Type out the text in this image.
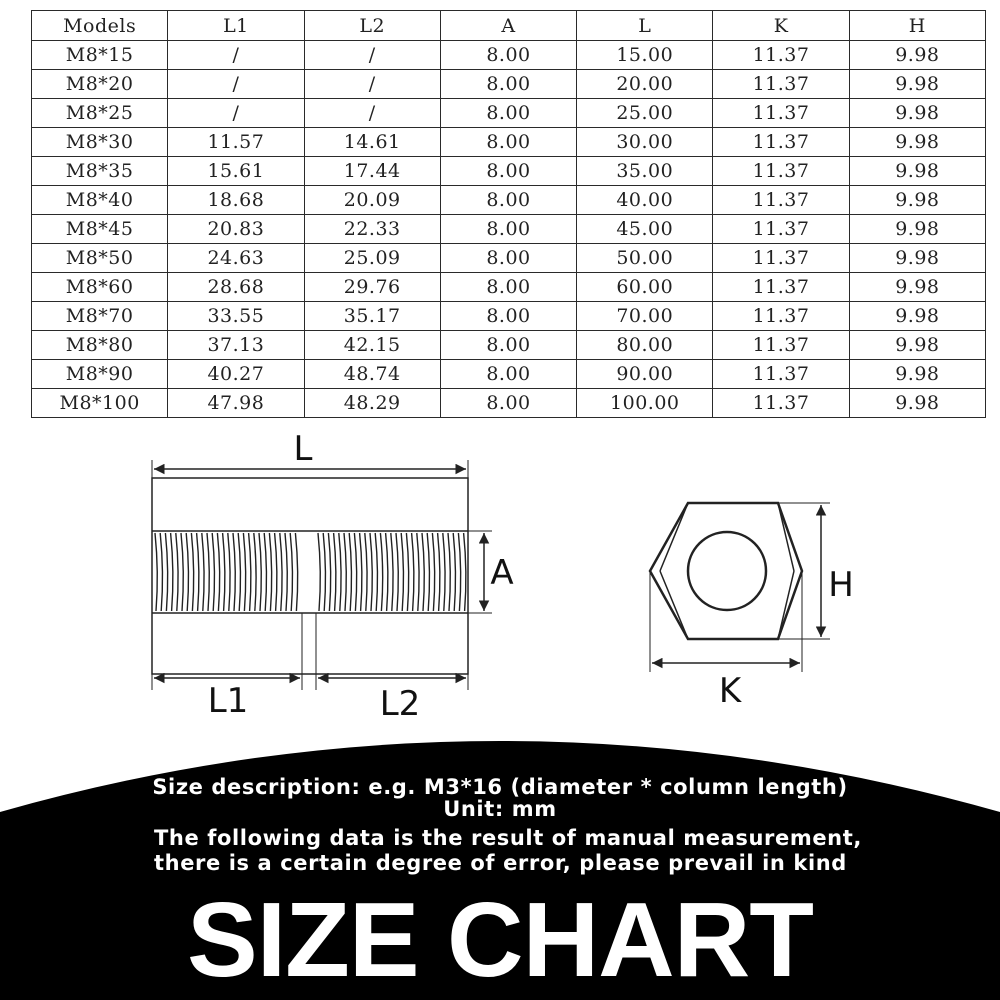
Models	L1	L2	A	L	K	H
M8*15	/	/	8.00	15.00	11.37	9.98
M8*20	/	/	8.00	20.00	11.37	9.98
M8*25	/	/	8.00	25.00	11.37	9.98
M8*30	11.57	14.61	8.00	30.00	11.37	9.98
M8*35	15.61	17.44	8.00	35.00	11.37	9.98
M8*40	18.68	20.09	8.00	40.00	11.37	9.98
M8*45	20.83	22.33	8.00	45.00	11.37	9.98
M8*50	24.63	25.09	8.00	50.00	11.37	9.98
M8*60	28.68	29.76	8.00	60.00	11.37	9.98
M8*70	33.55	35.17	8.00	70.00	11.37	9.98
M8*80	37.13	42.15	8.00	80.00	11.37	9.98
M8*90	40.27	48.74	8.00	90.00	11.37	9.98
M8*100	47.98	48.29	8.00	100.00	11.37	9.98
L
A
L1	L2
H
K
Size description: e.g. M3*16 (diameter * column length)
Unit: mm
The following data is the result of manual measurement,
there is a certain degree of error, please prevail in kind
SIZE CHART
